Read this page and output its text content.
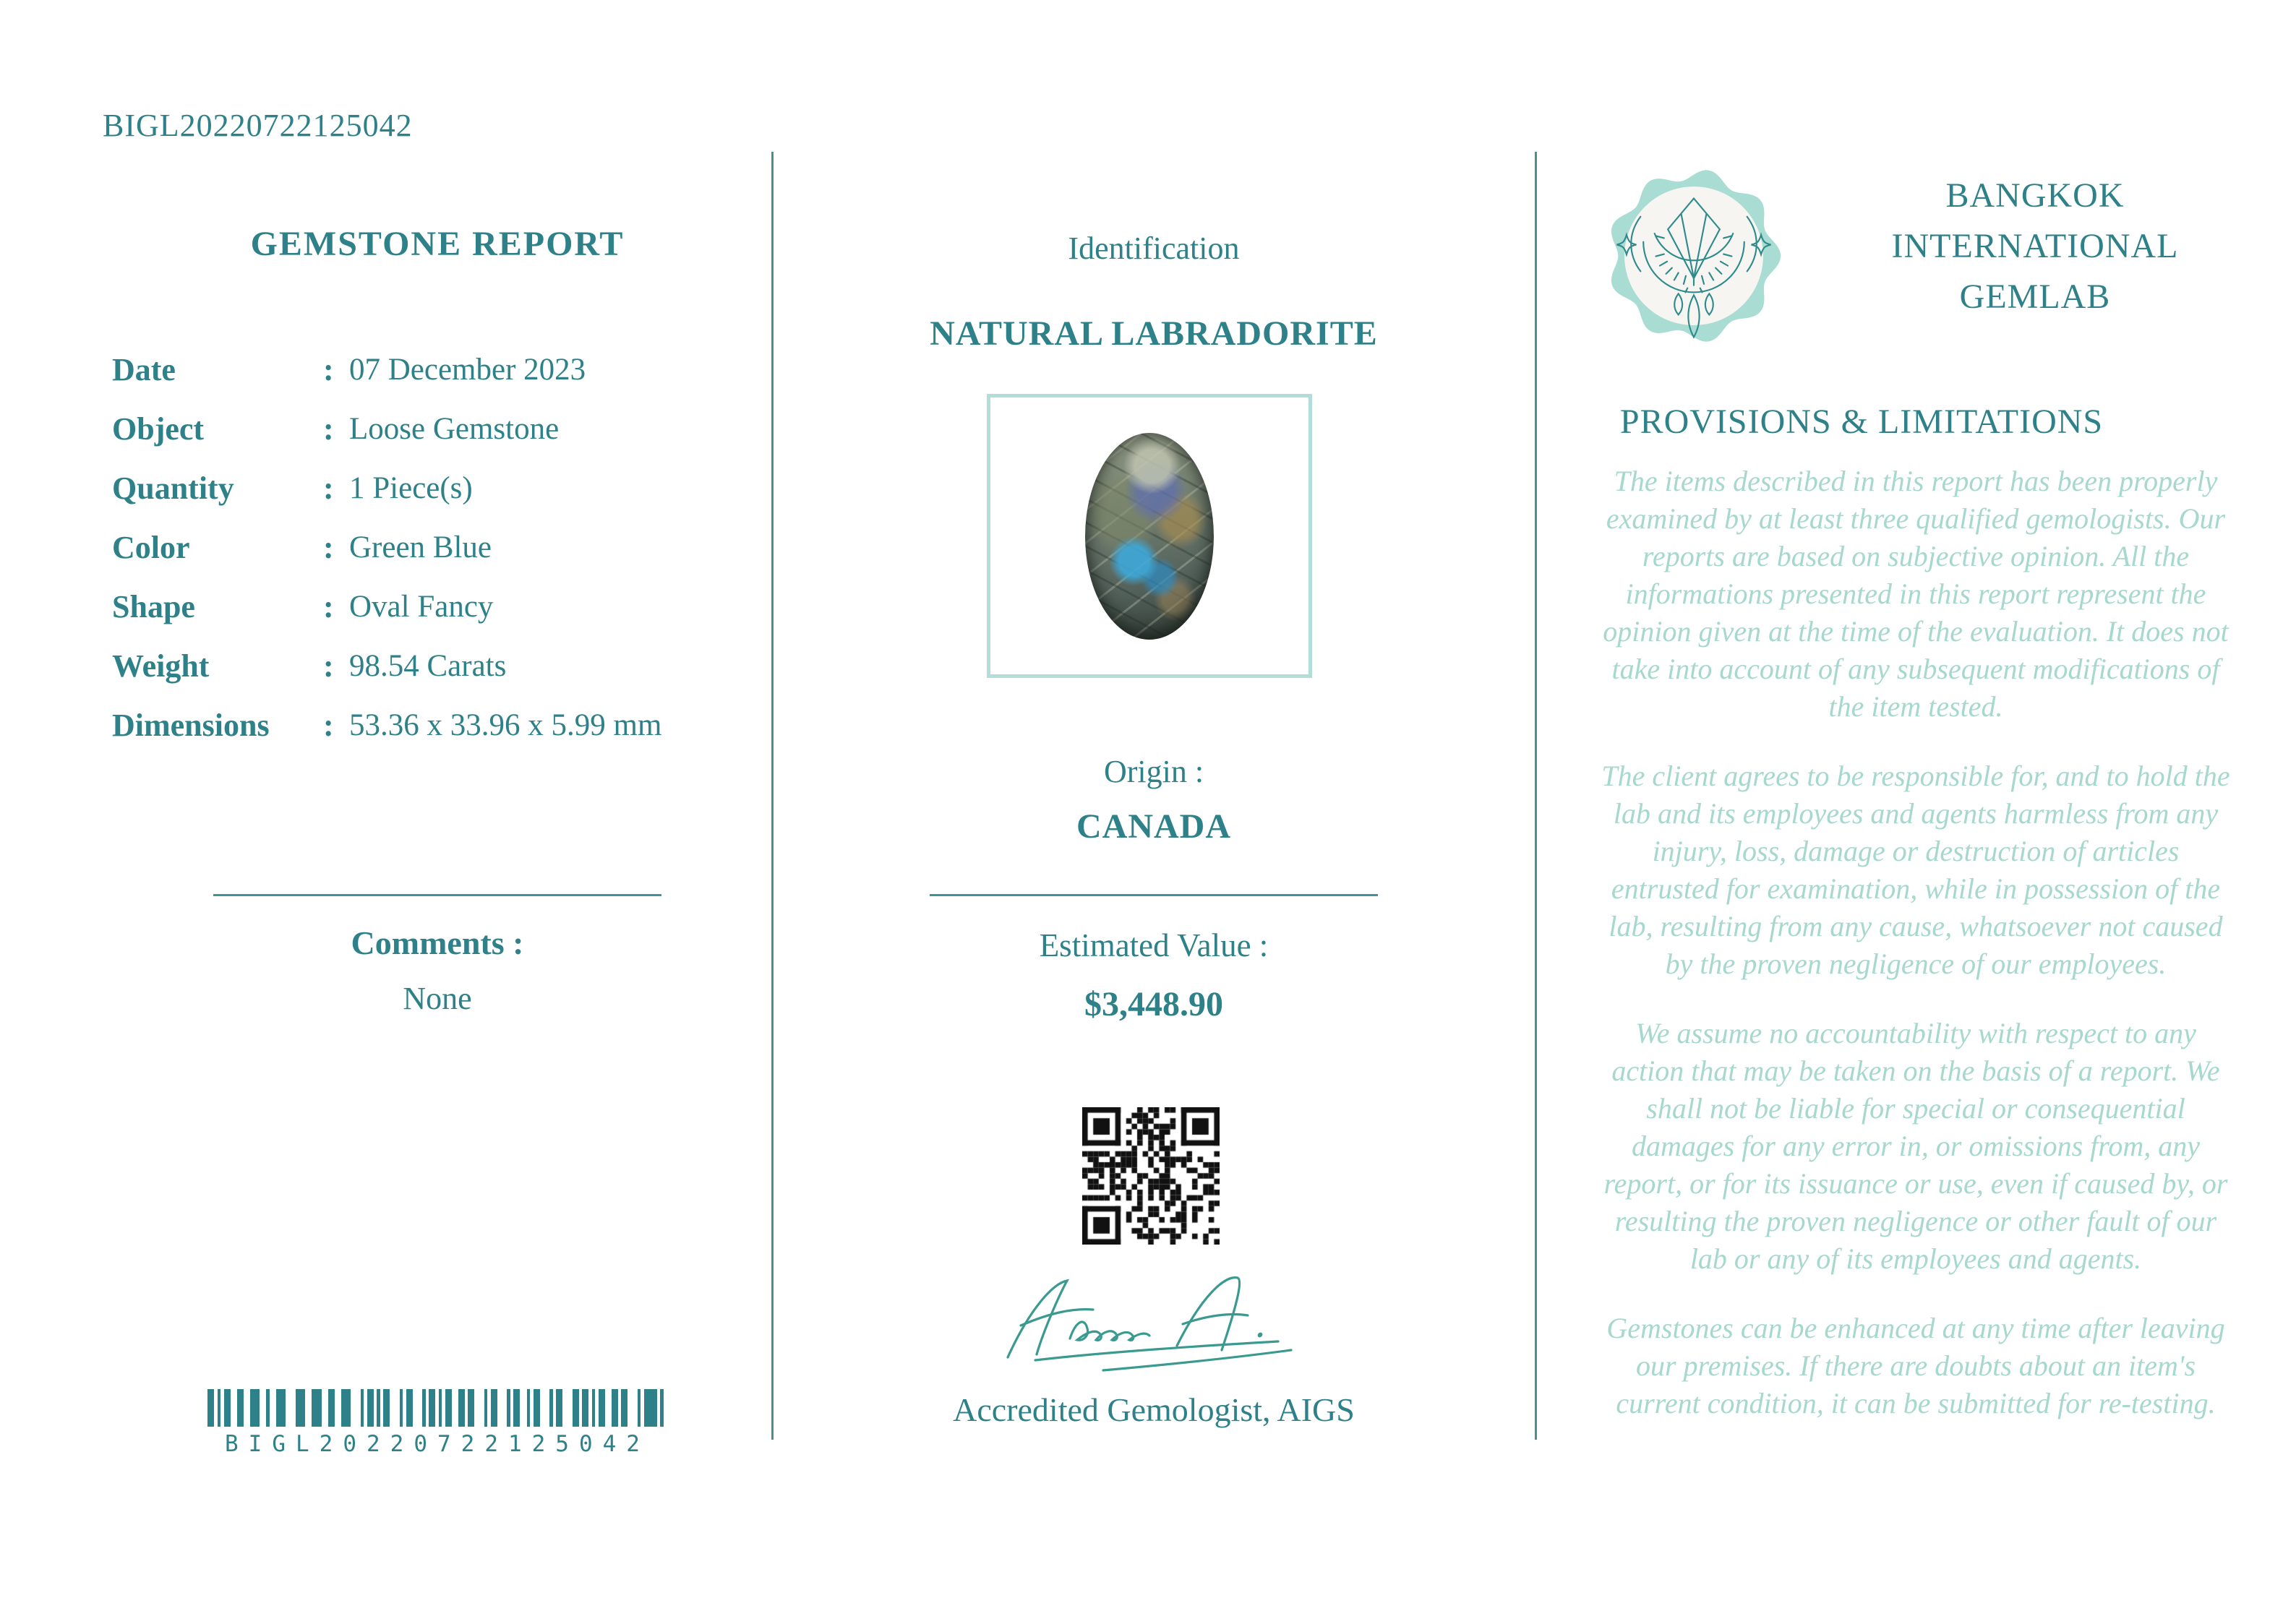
BIGL20220722125042
GEMSTONE REPORT
Date	: 07 December 2023
Object	: Loose Gemstone
Quantity	: 1 Piece(s)
Color	: Green Blue
Shape	: Oval Fancy
Weight	: 98.54 Carats
Dimensions	: 53.36 x 33.96 x 5.99 mm
Comments :
None
BIGL20220722125042
Identification
NATURAL LABRADORITE
Origin :
CANADA
Estimated Value :
$3,448.90
Accredited Gemologist, AIGS
BANGKOK
INTERNATIONAL
GEMLAB
PROVISIONS & LIMITATIONS

The items described in this report has been properly examined by at least three qualified gemologists. Our reports are based on subjective opinion. All the informations presented in this report represent the opinion given at the time of the evaluation. It does not take into account of any subsequent modifications of the item tested.

The client agrees to be responsible for, and to hold the lab and its employees and agents harmless from any injury, loss, damage or destruction of articles entrusted for examination, while in possession of the lab, resulting from any cause, whatsoever not caused by the proven negligence of our employees.

We assume no accountability with respect to any action that may be taken on the basis of a report. We shall not be liable for special or consequential damages for any error in, or omissions from, any report, or for its issuance or use, even if caused by, or resulting the proven negligence or other fault of our lab or any of its employees and agents.

Gemstones can be enhanced at any time after leaving our premises. If there are doubts about an item's current condition, it can be submitted for re-testing.
